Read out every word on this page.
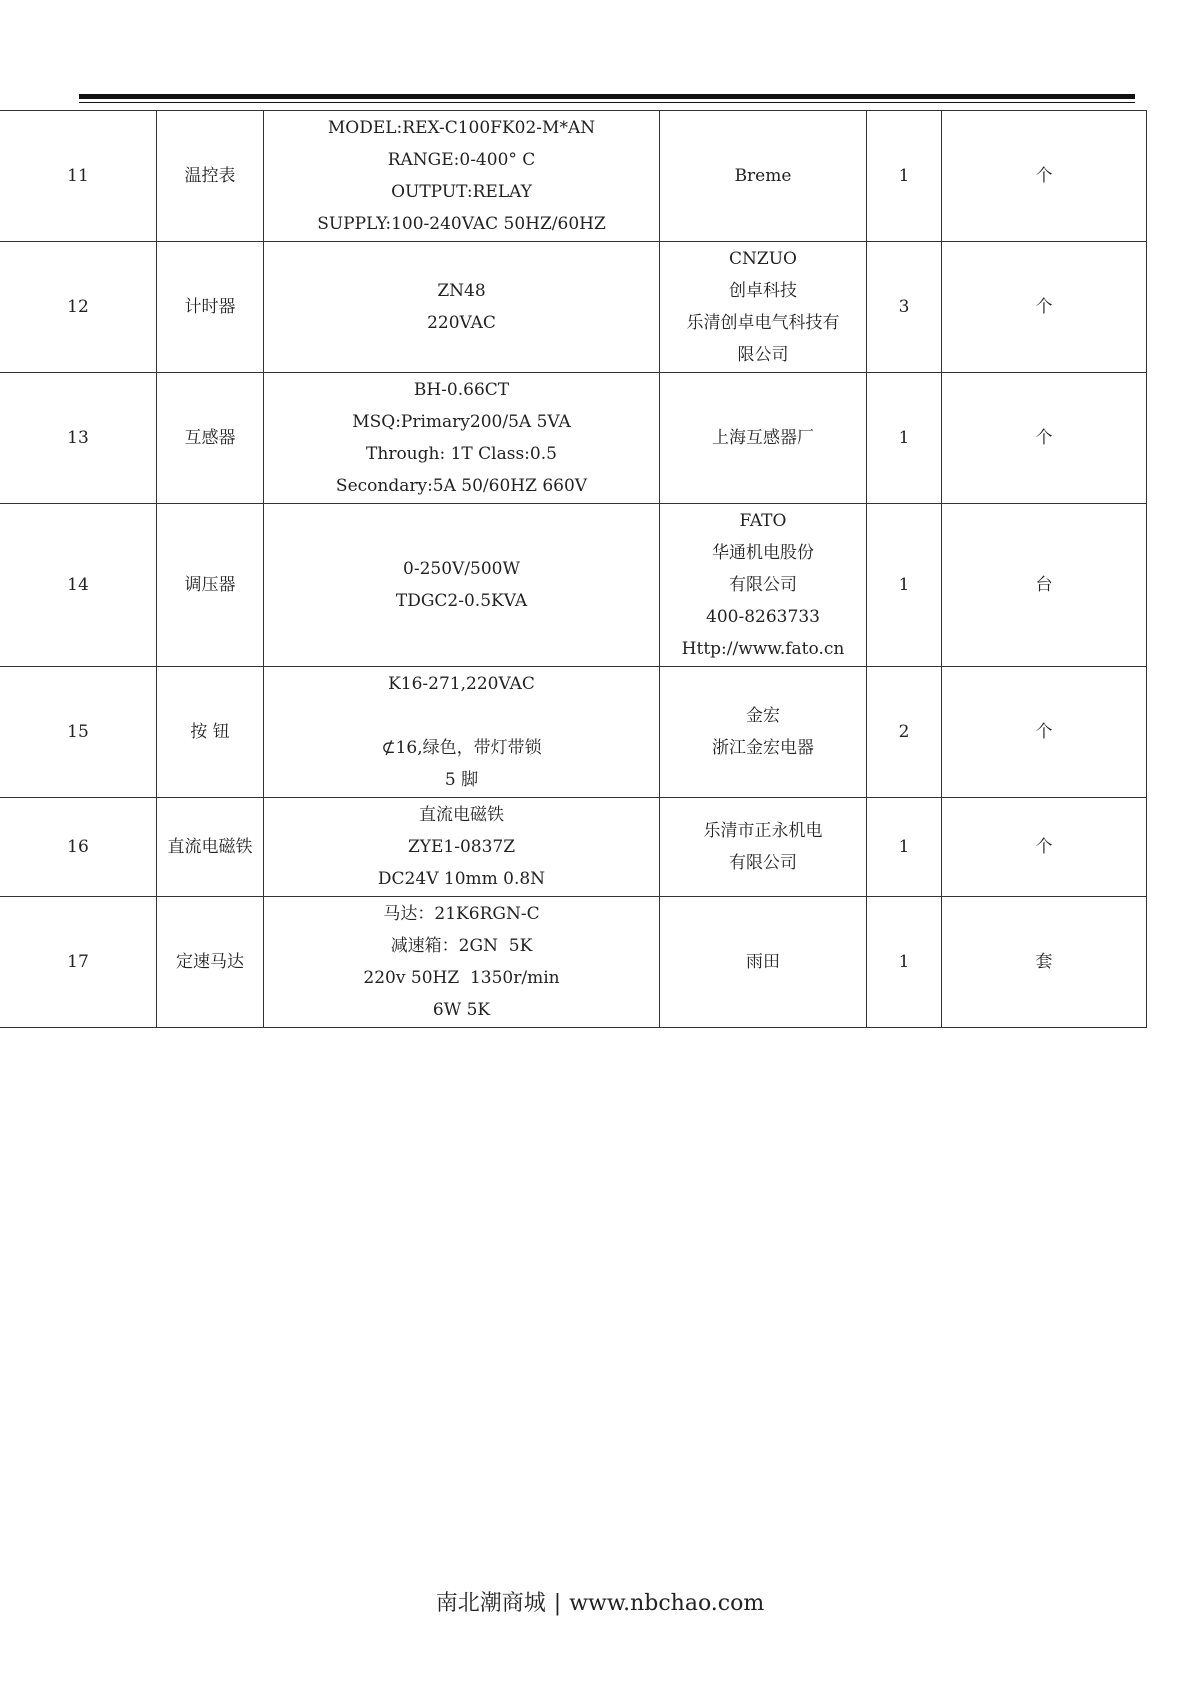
11	温控表	MODEL:REX-C100FK02-M*AN
RANGE:0-400° C
OUTPUT:RELAY
SUPPLY:100-240VAC 50HZ/60HZ	Breme	1	个
12	计时器	ZN48
220VAC	CNZUO
创卓科技
乐清创卓电气科技有
限公司	3	个
13	互感器	BH-0.66CT
MSQ:Primary200/5A 5VA
Through: 1T Class:0.5
Secondary:5A 50/60HZ 660V	上海互感器厂	1	个
14	调压器	0-250V/500W
TDGC2-0.5KVA	FATO
华通机电股份
有限公司
400-8263733
Http://www.fato.cn	1	台
15	按 钮	K16-271,220VAC

⊄16,绿色，带灯带锁
5 脚	金宏
浙江金宏电器	2	个
16	直流电磁铁	直流电磁铁
ZYE1-0837Z
DC24V 10mm 0.8N	乐清市正永机电
有限公司	1	个
17	定速马达	马达：21K6RGN-C
减速箱：2GN  5K
220v 50HZ  1350r/min
6W 5K	雨田	1	套
南北潮商城 | www.nbchao.com
